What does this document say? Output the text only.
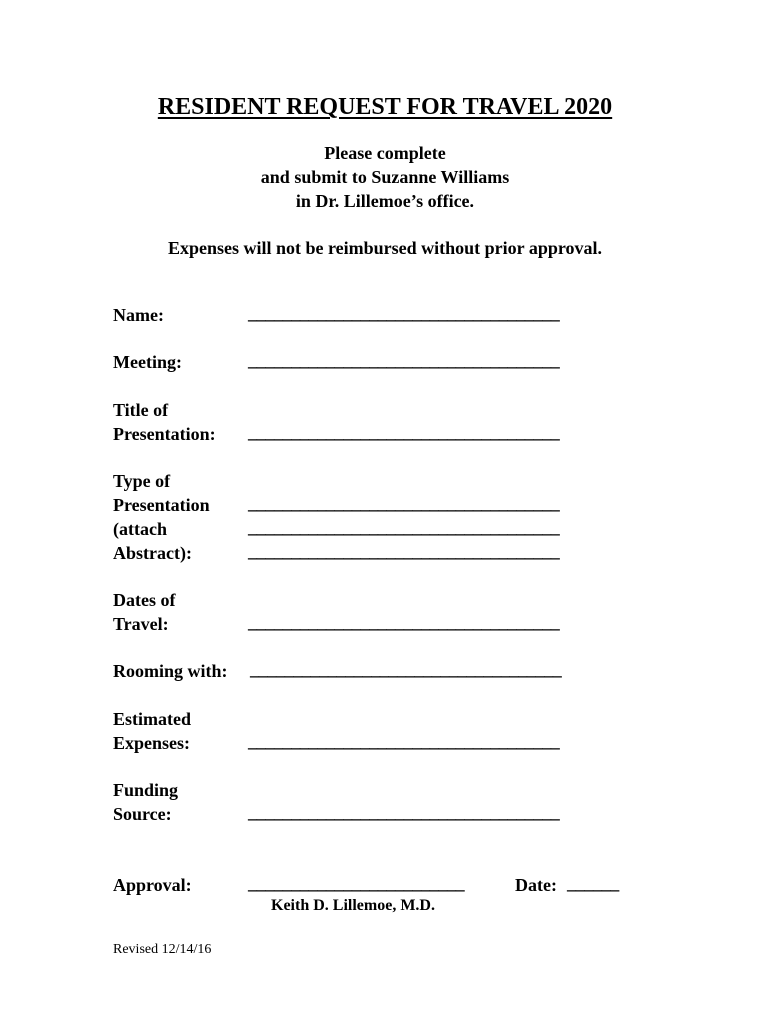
RESIDENT REQUEST FOR TRAVEL 2020
Please complete
and submit to Suzanne Williams
in Dr. Lillemoe’s office.
Expenses will not be reimbursed without prior approval.
Name:	____________________________________
Meeting:	____________________________________
Title of
Presentation: ____________________________________
Type of
Presentation
(attach
Abstract):
____________________________________
____________________________________
____________________________________
Dates of
Travel:	____________________________________
Rooming with: ____________________________________
Estimated
Expenses:	____________________________________
Funding
Source:	____________________________________
Approval:	_________________________	Date: ______
Keith D. Lillemoe, M.D.
Revised 12/14/16
